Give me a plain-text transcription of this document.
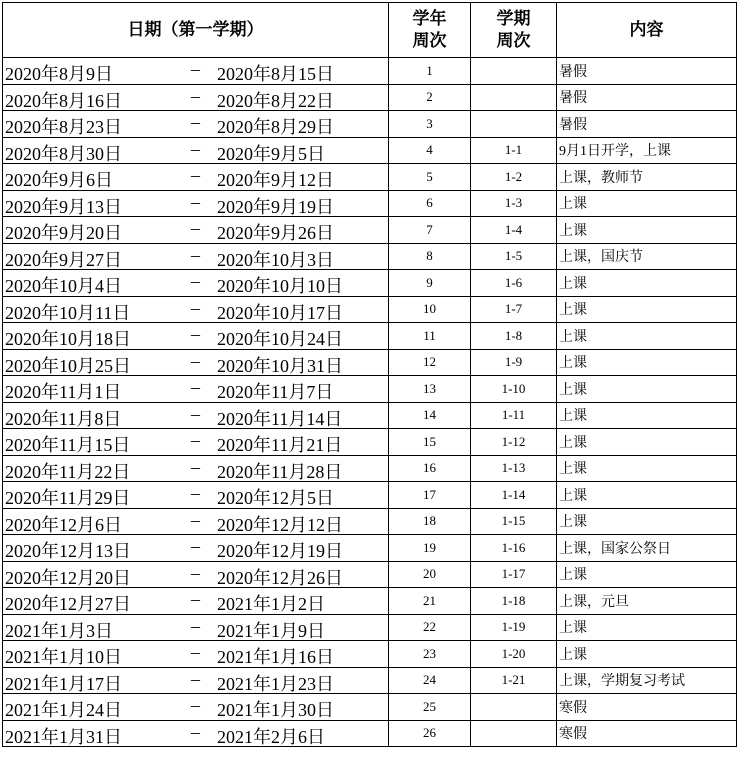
日期（第一学期）	学年
周次	学期
周次	内容

2020年8月9日 – 2020年8月15日	1		暑假

2020年8月16日 – 2020年8月22日	2		暑假

2020年8月23日 – 2020年8月29日	3		暑假

2020年8月30日 – 2020年9月5日	4	1-1	9月1日开学，上课

2020年9月6日 – 2020年9月12日	5	1-2	上课，教师节

2020年9月13日 – 2020年9月19日	6	1-3	上课

2020年9月20日 – 2020年9月26日	7	1-4	上课

2020年9月27日 – 2020年10月3日	8	1-5	上课，国庆节

2020年10月4日 – 2020年10月10日	9	1-6	上课

2020年10月11日 – 2020年10月17日	10	1-7	上课

2020年10月18日 – 2020年10月24日	11	1-8	上课

2020年10月25日 – 2020年10月31日	12	1-9	上课

2020年11月1日 – 2020年11月7日	13	1-10	上课

2020年11月8日 – 2020年11月14日	14	1-11	上课

2020年11月15日 – 2020年11月21日	15	1-12	上课

2020年11月22日 – 2020年11月28日	16	1-13	上课

2020年11月29日 – 2020年12月5日	17	1-14	上课

2020年12月6日 – 2020年12月12日	18	1-15	上课

2020年12月13日 – 2020年12月19日	19	1-16	上课，国家公祭日

2020年12月20日 – 2020年12月26日	20	1-17	上课

2020年12月27日 – 2021年1月2日	21	1-18	上课，元旦

2021年1月3日 – 2021年1月9日	22	1-19	上课

2021年1月10日 – 2021年1月16日	23	1-20	上课

2021年1月17日 – 2021年1月23日	24	1-21	上课，学期复习考试

2021年1月24日 – 2021年1月30日	25		寒假

2021年1月31日 – 2021年2月6日	26		寒假
